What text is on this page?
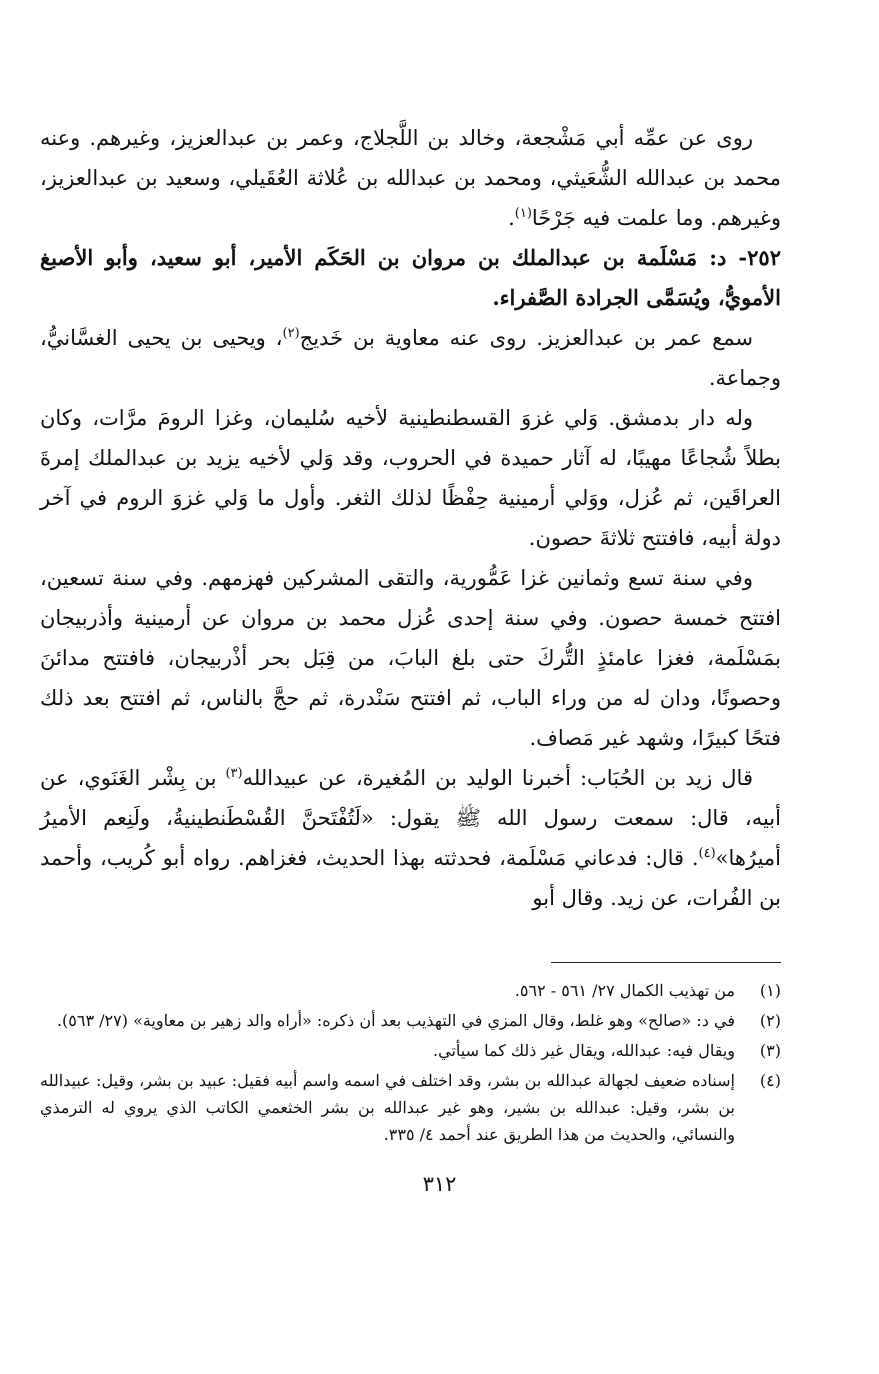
روى عن عمِّه أبي مَشْجعة، وخالد بن اللَّجلاج، وعمر بن عبدالعزيز، وغيرهم. وعنه محمد بن عبدالله الشُّعَيثي، ومحمد بن عبدالله بن عُلاثة العُقَيلي، وسعيد بن عبدالعزيز، وغيرهم. وما علمت فيه جَرْحًا$^{(١)}$.

٢٥٢- د: مَسْلَمة بن عبدالملك بن مروان بن الحَكَم الأمير، أبو سعيد، وأبو الأصبغ الأمويُّ، ويُسَمَّى الجرادة الصَّفراء.

سمع عمر بن عبدالعزيز. روى عنه معاوية بن خَديج$^{(٢)}$، ويحيى بن يحيى الغسَّانيُّ، وجماعة.

وله دار بدمشق. وَلي غزوَ القسطنطينية لأخيه سُليمان، وغزا الرومَ مرَّات، وكان بطلاً شُجاعًا مهيبًا، له آثار حميدة في الحروب، وقد وَلي لأخيه يزيد بن عبدالملك إمرةَ العراقَين، ثم عُزل، ووَلي أرمينية حِفْظًا لذلك الثغر. وأول ما وَلي غزوَ الروم في آخر دولة أبيه، فافتتح ثلاثةَ حصون.

وفي سنة تسع وثمانين غزا عَمُّورية، والتقى المشركين فهزمهم. وفي سنة تسعين، افتتح خمسة حصون. وفي سنة إحدى عُزل محمد بن مروان عن أرمينية وأذربيجان بمَسْلَمة، فغزا عامئذٍ التُّركَ حتى بلغ البابَ، من قِبَل بحر أذْربيجان، فافتتح مدائنَ وحصونًا، ودان له من وراء الباب، ثم افتتح سَنْدرة، ثم حجَّ بالناس، ثم افتتح بعد ذلك فتحًا كبيرًا، وشهد غير مَصاف.

قال زيد بن الحُبَاب: أخبرنا الوليد بن المُغيرة، عن عبيدالله$^{(٣)}$ بن بِشْر الغَنَوي، عن أبيه، قال: سمعت رسول الله ﷺ يقول: «لَتُفْتَحنَّ القُسْطَنطينيةُ، ولَنِعم الأميرُ أميرُها»$^{(٤)}$. قال: فدعاني مَسْلَمة، فحدثته بهذا الحديث، فغزاهم. رواه أبو كُريب، وأحمد بن الفُرات، عن زيد. وقال أبو

(١)
من تهذيب الكمال ٢٧/ ٥٦١ - ٥٦٢.
(٢)
في د: «صالح» وهو غلط، وقال المزي في التهذيب بعد أن ذكره: «أراه والد زهير بن معاوية» (٢٧/ ٥٦٣).
(٣)
ويقال فيه: عبدالله، ويقال غير ذلك كما سيأتي.
(٤)
إسناده ضعيف لجهالة عبدالله بن بشر، وقد اختلف في اسمه واسم أبيه فقيل: عبيد بن بشر، وقيل: عبيدالله بن بشر، وقيل: عبدالله بن بشير، وهو غير عبدالله بن بشر الخثعمي الكاتب الذي يروي له الترمذي والنسائي، والحديث من هذا الطريق عند أحمد ٤/ ٣٣٥.
٣١٢
